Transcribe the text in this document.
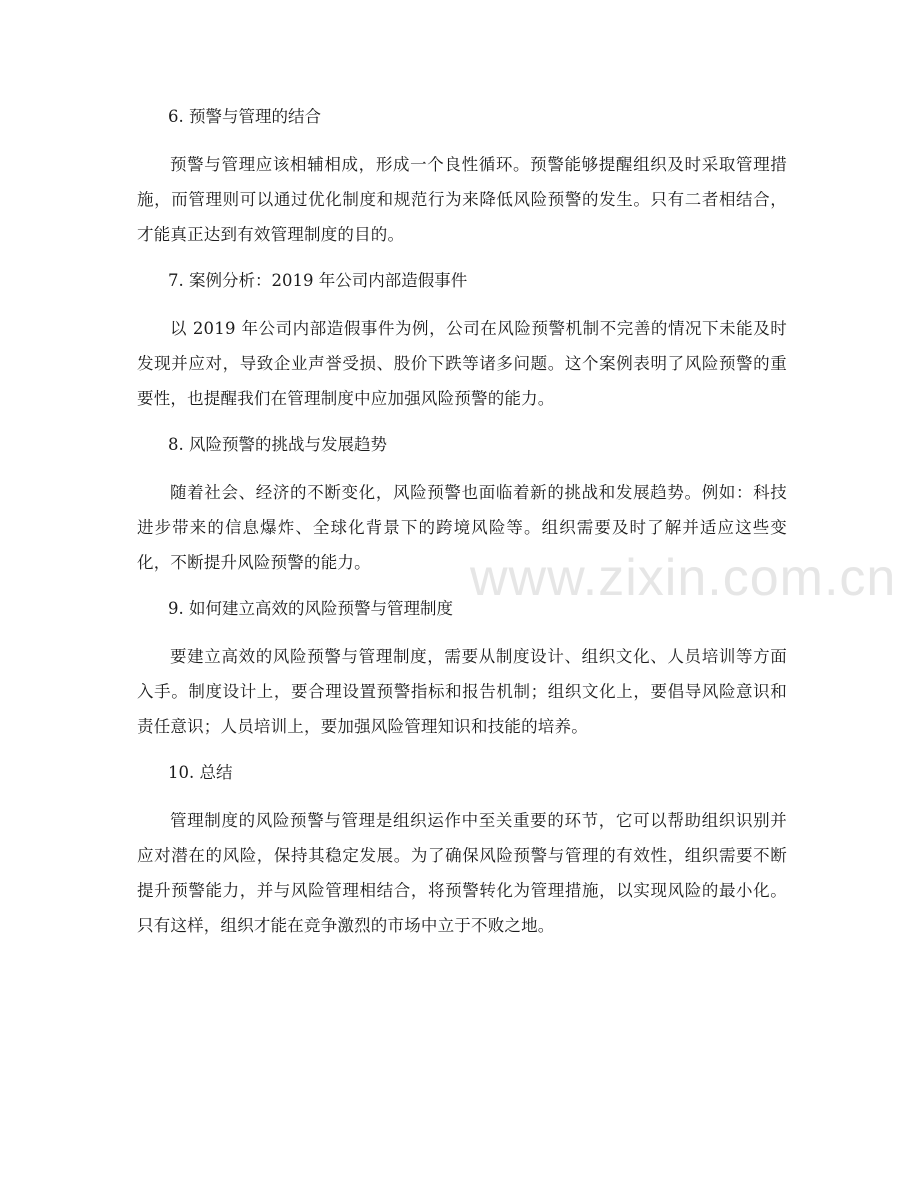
www.zixin.com.cn
6. 预警与管理的结合
预警与管理应该相辅相成，形成一个良性循环。预警能够提醒组织及时采取管理措施，而管理则可以通过优化制度和规范行为来降低风险预警的发生。只有二者相结合，才能真正达到有效管理制度的目的。
7. 案例分析：2019 年公司内部造假事件
以 2019 年公司内部造假事件为例，公司在风险预警机制不完善的情况下未能及时发现并应对，导致企业声誉受损、股价下跌等诸多问题。这个案例表明了风险预警的重要性，也提醒我们在管理制度中应加强风险预警的能力。
8. 风险预警的挑战与发展趋势
随着社会、经济的不断变化，风险预警也面临着新的挑战和发展趋势。例如：科技进步带来的信息爆炸、全球化背景下的跨境风险等。组织需要及时了解并适应这些变化，不断提升风险预警的能力。
9. 如何建立高效的风险预警与管理制度
要建立高效的风险预警与管理制度，需要从制度设计、组织文化、人员培训等方面入手。制度设计上，要合理设置预警指标和报告机制；组织文化上，要倡导风险意识和责任意识；人员培训上，要加强风险管理知识和技能的培养。
10. 总结
管理制度的风险预警与管理是组织运作中至关重要的环节，它可以帮助组织识别并应对潜在的风险，保持其稳定发展。为了确保风险预警与管理的有效性，组织需要不断提升预警能力，并与风险管理相结合，将预警转化为管理措施，以实现风险的最小化。只有这样，组织才能在竞争激烈的市场中立于不败之地。
